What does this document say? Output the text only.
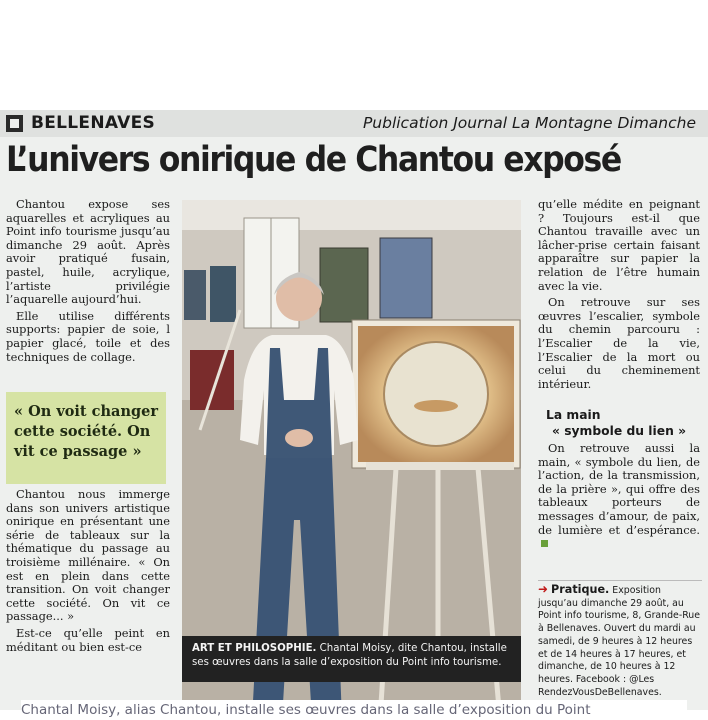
BELLENAVES	Publication Journal La Montagne Dimanche
L’univers onirique de Chantou exposé

Chantou expose ses aquarelles et acryliques au Point info tourisme jusqu’au dimanche 29 août. Après avoir pratiqué fusain, pastel, huile, acrylique, l’artiste privilégie l’aquarelle aujourd’hui.

Elle utilise différents supports: papier de soie, l papier glacé, toile et des techniques de collage.

« On voit changer cette société. On vit ce passage »

Chantou nous immerge dans son univers artistique onirique en présentant une série de tableaux sur la thématique du passage au troisième millénaire. « On est en plein dans cette transition. On voit changer cette société. On vit ce passage... »

Est-ce qu’elle peint en méditant ou bien est-ce	ART ET PHILOSOPHIE. Chantal Moisy, dite Chantou, installe ses œuvres dans la salle d’exposition du Point info tourisme.

qu’elle médite en peignant ? Toujours est-il que Chantou travaille avec un lâcher-prise certain faisant apparaître sur papier la relation de l’être humain avec la vie.

On retrouve sur ses œuvres l’escalier, symbole du chemin parcouru : l’Escalier de la vie, l’Escalier de la mort ou celui du cheminement intérieur.

La main
« symbole du lien »

On retrouve aussi la main, « symbole du lien, de l’action, de la transmission, de la prière », qui offre des tableaux porteurs de messages d’amour, de paix, de lumière et d’espérance.

➜ Pratique. Exposition jusqu’au dimanche 29 août, au Point info tourisme, 8, Grande-Rue à Bellenaves. Ouvert du mardi au samedi, de 9 heures à 12 heures et de 14 heures à 17 heures, et dimanche, de 10 heures à 12 heures. Facebook : @Les RendezVousDeBellenaves.
Chantal Moisy, alias Chantou, installe ses œuvres dans la salle d’exposition du Point
